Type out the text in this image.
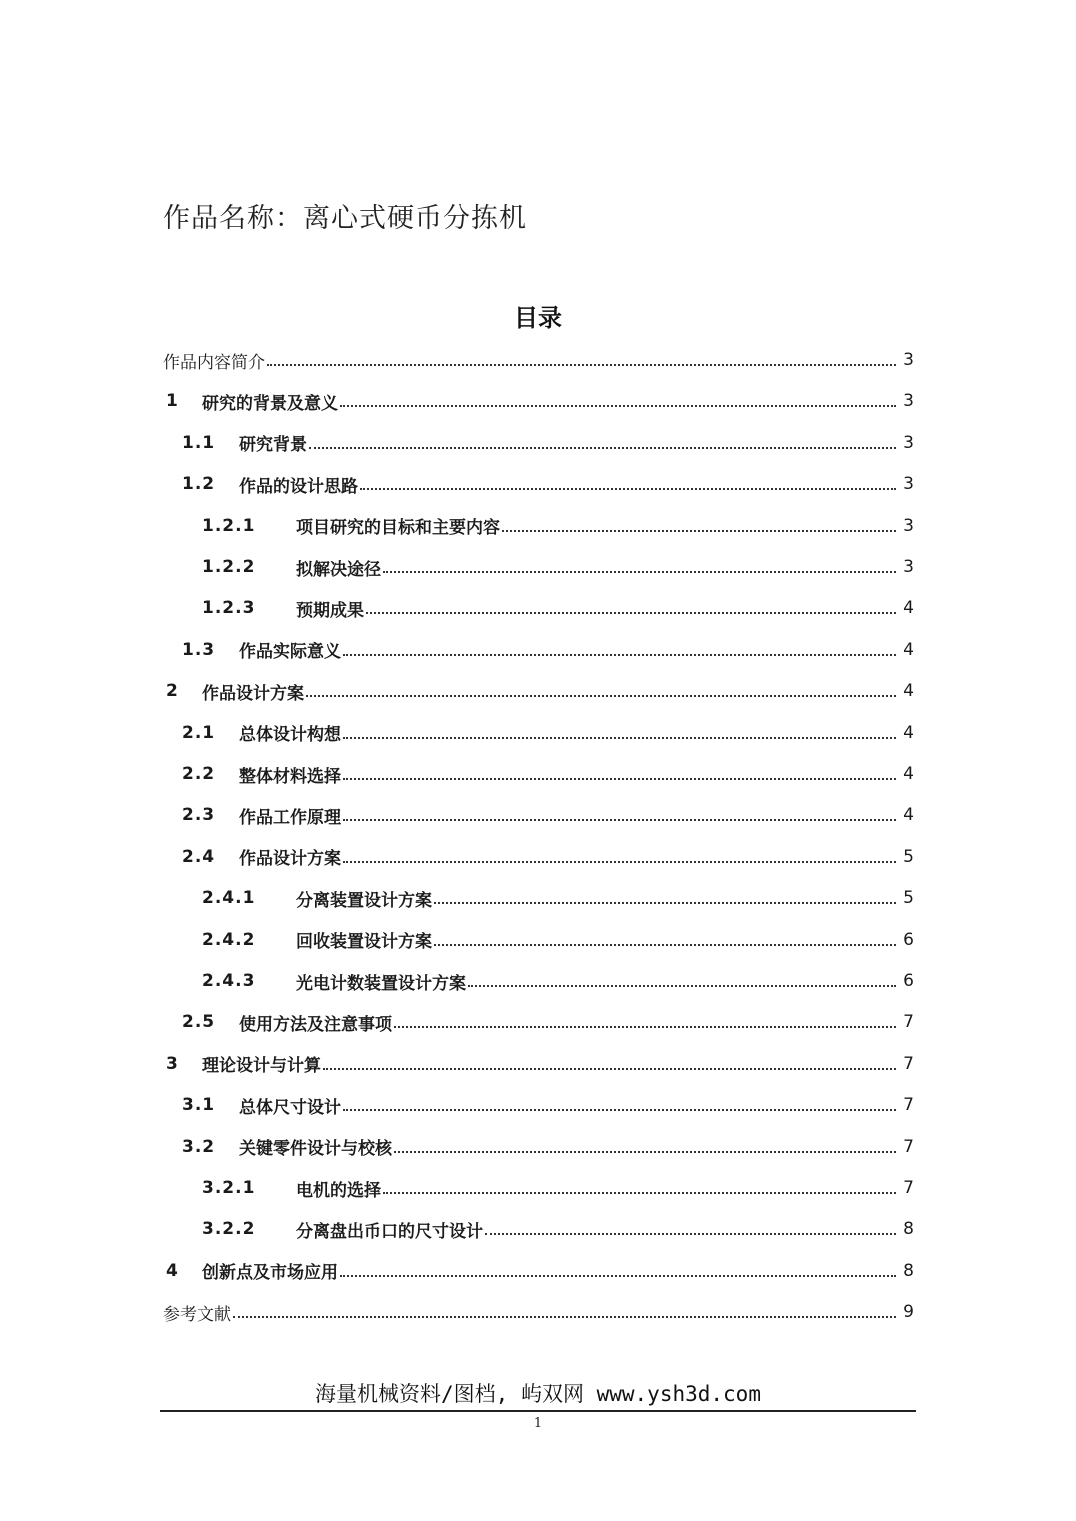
作品名称：离心式硬币分拣机
目录
作品内容简介	3
1	研究的背景及意义	3
1.1	研究背景	3
1.2	作品的设计思路	3
1.2.1	项目研究的目标和主要内容	3
1.2.2	拟解决途径	3
1.2.3	预期成果	4
1.3	作品实际意义	4
2	作品设计方案	4
2.1	总体设计构想	4
2.2	整体材料选择	4
2.3	作品工作原理	4
2.4	作品设计方案	5
2.4.1	分离装置设计方案	5
2.4.2	回收装置设计方案	6
2.4.3	光电计数装置设计方案	6
2.5	使用方法及注意事项	7
3	理论设计与计算	7
3.1	总体尺寸设计	7
3.2	关键零件设计与校核	7
3.2.1	电机的选择	7
3.2.2	分离盘出币口的尺寸设计	8
4	创新点及市场应用	8
参考文献	9
海量机械资料/图档, 屿双网 www.ysh3d.com
1
